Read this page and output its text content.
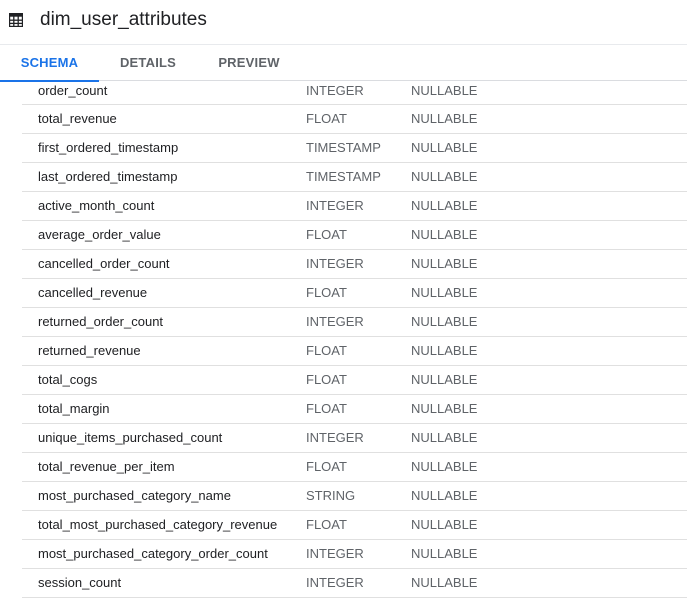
dim_user_attributes
SCHEMA	DETAILS	PREVIEW
order_count	INTEGER	NULLABLE
total_revenue	FLOAT	NULLABLE
first_ordered_timestamp	TIMESTAMP NULLABLE
last_ordered_timestamp	TIMESTAMP NULLABLE
active_month_count	INTEGER	NULLABLE
average_order_value	FLOAT	NULLABLE
cancelled_order_count	INTEGER	NULLABLE
cancelled_revenue	FLOAT	NULLABLE
returned_order_count	INTEGER	NULLABLE
returned_revenue	FLOAT	NULLABLE
total_cogs	FLOAT	NULLABLE
total_margin	FLOAT	NULLABLE
unique_items_purchased_count	INTEGER	NULLABLE
total_revenue_per_item	FLOAT	NULLABLE
most_purchased_category_name	STRING	NULLABLE
total_most_purchased_category_revenue FLOAT	NULLABLE
most_purchased_category_order_count	INTEGER	NULLABLE
session_count	INTEGER	NULLABLE
